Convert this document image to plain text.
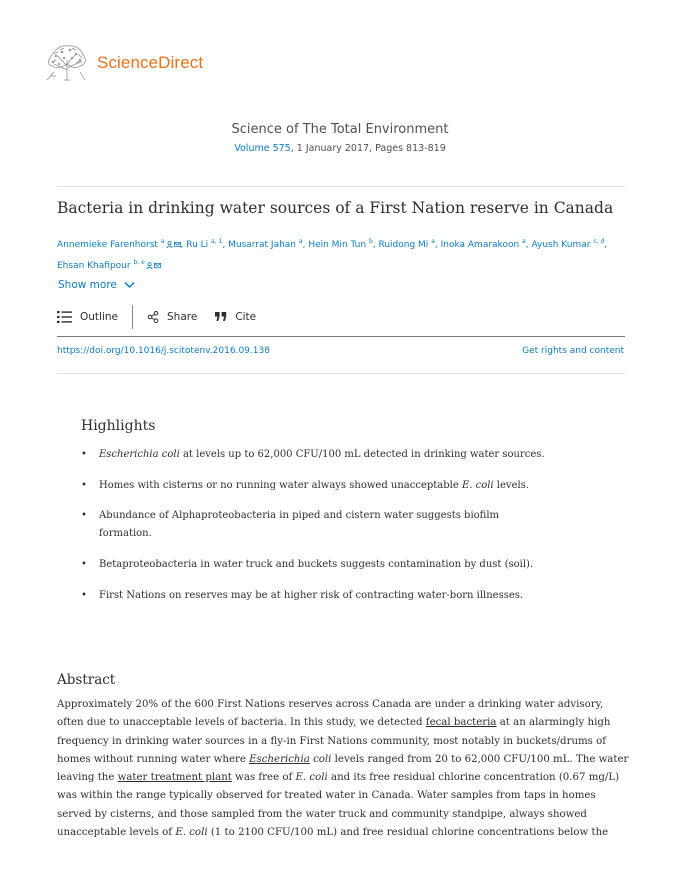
ScienceDirect
Science of The Total Environment
Volume 575, 1 January 2017, Pages 813-819
Bacteria in drinking water sources of a First Nation reserve in Canada
Annemieke Farenhorst $^a$ , Ru Li $^{a, 1}$, Musarrat Jahan $^a$, Hein Min Tun $^b$, Ruidong Mi $^a$, Inoka Amarakoon $^a$, Ayush Kumar $^{c, d}$, Ehsan Khafipour $^{b, e}$
Show more
Outline	Share	Cite
https://doi.org/10.1016/j.scitotenv.2016.09.138	Get rights and content
Highlights
•	Escherichia coli at levels up to 62,000 CFU/100 mL detected in drinking water sources.
•	Homes with cisterns or no running water always showed unacceptable E. coli levels.
•	Abundance of Alphaproteobacteria in piped and cistern water suggests biofilm formation.
•	Betaproteobacteria in water truck and buckets suggests contamination by dust (soil).
•	First Nations on reserves may be at higher risk of contracting water-born illnesses.
Abstract
Approximately 20% of the 600 First Nations reserves across Canada are under a drinking water advisory,
often due to unacceptable levels of bacteria. In this study, we detected fecal bacteria at an alarmingly high
frequency in drinking water sources in a fly-in First Nations community, most notably in buckets/drums of
homes without running water where Escherichia coli levels ranged from 20 to 62,000 CFU/100 mL. The water
leaving the water treatment plant was free of E. coli and its free residual chlorine concentration (0.67 mg/L)
was within the range typically observed for treated water in Canada. Water samples from taps in homes
served by cisterns, and those sampled from the water truck and community standpipe, always showed
unacceptable levels of E. coli (1 to 2100 CFU/100 mL) and free residual chlorine concentrations below the
